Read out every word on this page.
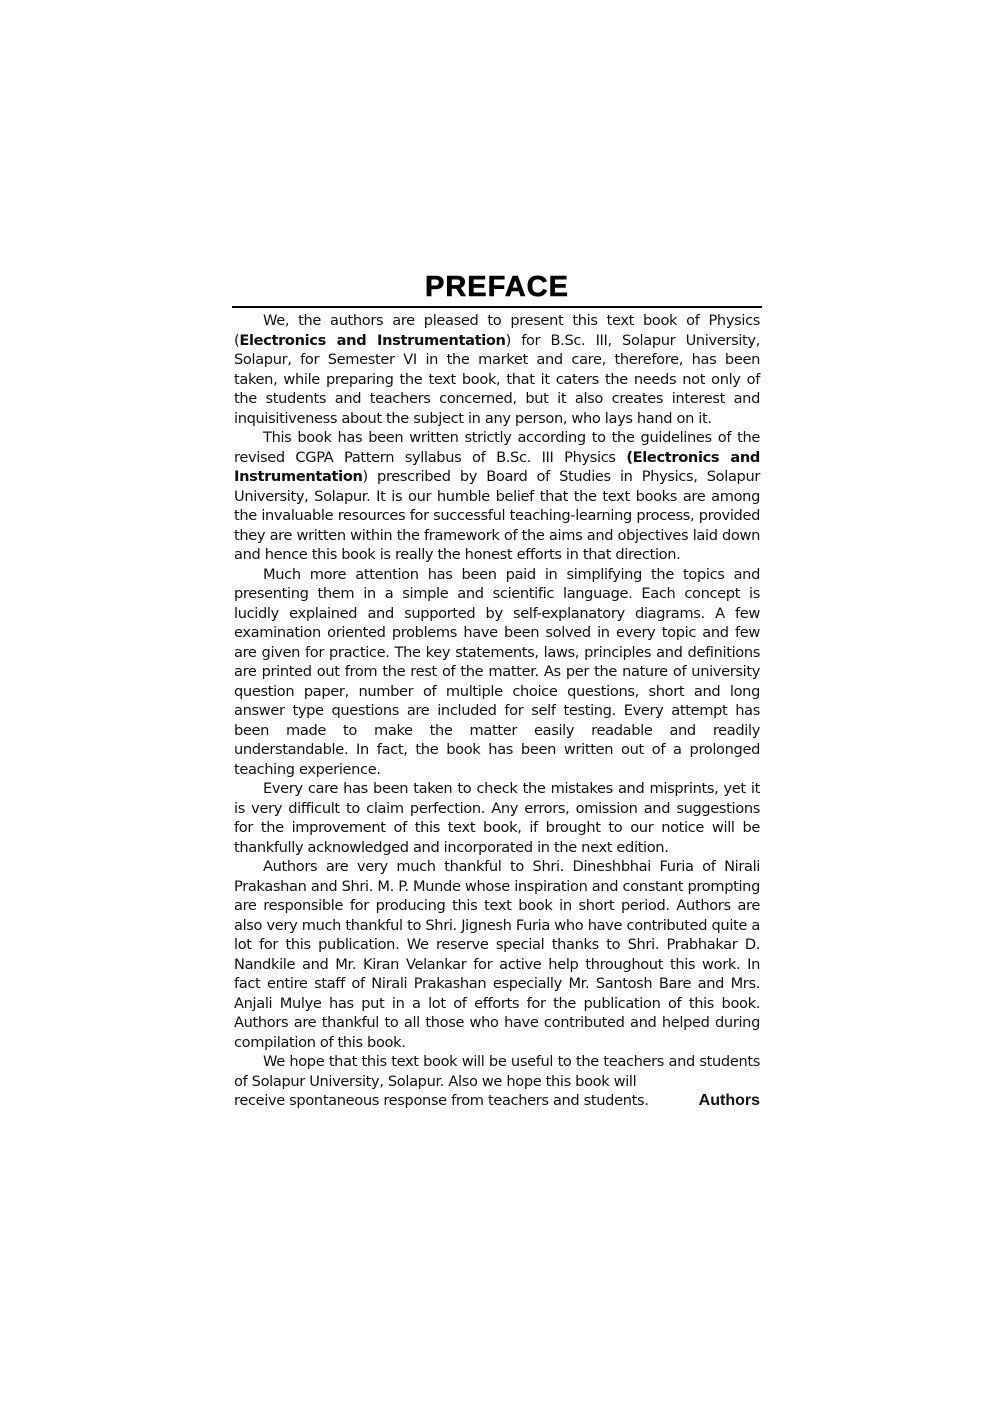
PREFACE

We, the authors are pleased to present this text book of Physics (Electronics and Instrumentation) for B.Sc. III, Solapur University, Solapur, for Semester VI in the market and care, therefore, has been taken, while preparing the text book, that it caters the needs not only of the students and teachers concerned, but it also creates interest and inquisitiveness about the subject in any person, who lays hand on it.

This book has been written strictly according to the guidelines of the revised CGPA Pattern syllabus of B.Sc. III Physics (Electronics and Instrumentation) prescribed by Board of Studies in Physics, Solapur University, Solapur. It is our humble belief that the text books are among the invaluable resources for successful teaching-learning process, provided they are written within the framework of the aims and objectives laid down and hence this book is really the honest efforts in that direction.

Much more attention has been paid in simplifying the topics and presenting them in a simple and scientific language. Each concept is lucidly explained and supported by self-explanatory diagrams. A few examination oriented problems have been solved in every topic and few are given for practice. The key statements, laws, principles and definitions are printed out from the rest of the matter. As per the nature of university question paper, number of multiple choice questions, short and long answer type questions are included for self testing. Every attempt has been made to make the matter easily readable and readily understandable. In fact, the book has been written out of a prolonged teaching experience.

Every care has been taken to check the mistakes and misprints, yet it is very difficult to claim perfection. Any errors, omission and suggestions for the improvement of this text book, if brought to our notice will be thankfully acknowledged and incorporated in the next edition.

Authors are very much thankful to Shri. Dineshbhai Furia of Nirali Prakashan and Shri. M. P. Munde whose inspiration and constant prompting are responsible for producing this text book in short period. Authors are also very much thankful to Shri. Jignesh Furia who have contributed quite a lot for this publication. We reserve special thanks to Shri. Prabhakar D. Nandkile and Mr. Kiran Velankar for active help throughout this work. In fact entire staff of Nirali Prakashan especially Mr. Santosh Bare and Mrs. Anjali Mulye has put in a lot of efforts for the publication of this book. Authors are thankful to all those who have contributed and helped during compilation of this book.

We hope that this text book will be useful to the teachers and students of Solapur University, Solapur. Also we hope this book will

receive spontaneous response from teachers and students.	Authors
